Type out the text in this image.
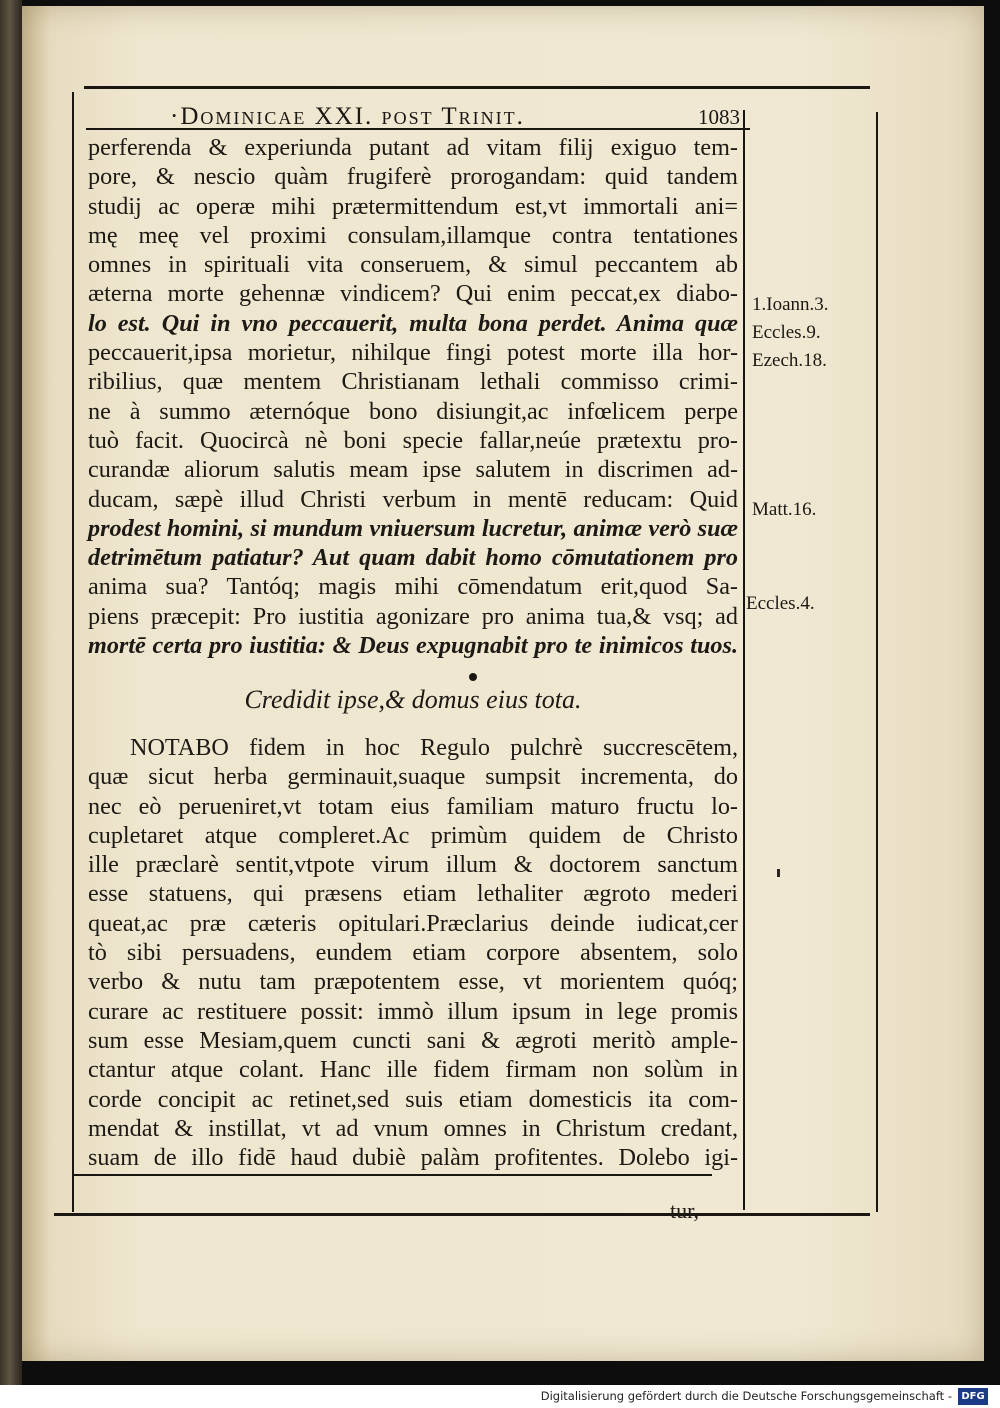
·Dominicae XXI. post Trinit.	1083
perferenda & experiunda putant ad vitam filij exiguo tem-
pore, & nescio quàm frugiferè prorogandam: quid tandem
studij ac operæ mihi prætermittendum est,vt immortali ani=
mę meę vel proximi consulam,illamque contra tentationes
omnes in spirituali vita conseruem, & simul peccantem ab
æterna morte gehennæ vindicem? Qui enim peccat,ex diabo-
lo est. Qui in vno peccauerit, multa bona perdet. Anima quæ
peccauerit,ipsa morietur, nihilque fingi potest morte illa hor-
ribilius, quæ mentem Christianam lethali commisso crimi-
ne à summo æternóque bono disiungit,ac infœlicem perpe
tuò facit. Quocircà nè boni specie fallar,neúe prætextu pro-
curandæ aliorum salutis meam ipse salutem in discrimen ad-
ducam, sæpè illud Christi verbum in mentē reducam: Quid
prodest homini, si mundum vniuersum lucretur, animæ verò suæ
detrimētum patiatur? Aut quam dabit homo cōmutationem pro
anima sua? Tantóq; magis mihi cōmendatum erit,quod Sa-
piens præcepit: Pro iustitia agonizare pro anima tua,& vsq; ad
mortē certa pro iustitia: & Deus expugnabit pro te inimicos tuos.
Credidit ipse,& domus eius tota.
NOTABO fidem in hoc Regulo pulchrè succrescētem,
quæ sicut herba germinauit,suaque sumpsit incrementa, do
nec eò perueniret,vt totam eius familiam maturo fructu lo-
cupletaret atque compleret.Ac primùm quidem de Christo
ille præclarè sentit,vtpote virum illum & doctorem sanctum
esse statuens, qui præsens etiam lethaliter ægroto mederi
queat,ac præ cæteris opitulari.Præclarius deinde iudicat,cer
tò sibi persuadens, eundem etiam corpore absentem, solo
verbo & nutu tam præpotentem esse, vt morientem quóq;
curare ac restituere possit: immò illum ipsum in lege promis
sum esse Mesiam,quem cuncti sani & ægroti meritò ample-
ctantur atque colant. Hanc ille fidem firmam non solùm in
corde concipit ac retinet,sed suis etiam domesticis ita com-
mendat & instillat, vt ad vnum omnes in Christum credant,
suam de illo fidē haud dubiè palàm profitentes. Dolebo igi-
tur,
1.Ioann.3.
Eccles.9.
Ezech.18.
Matt.16.
Eccles.4.
Digitalisierung gefördert durch die Deutsche Forschungsgemeinschaft - DFG
